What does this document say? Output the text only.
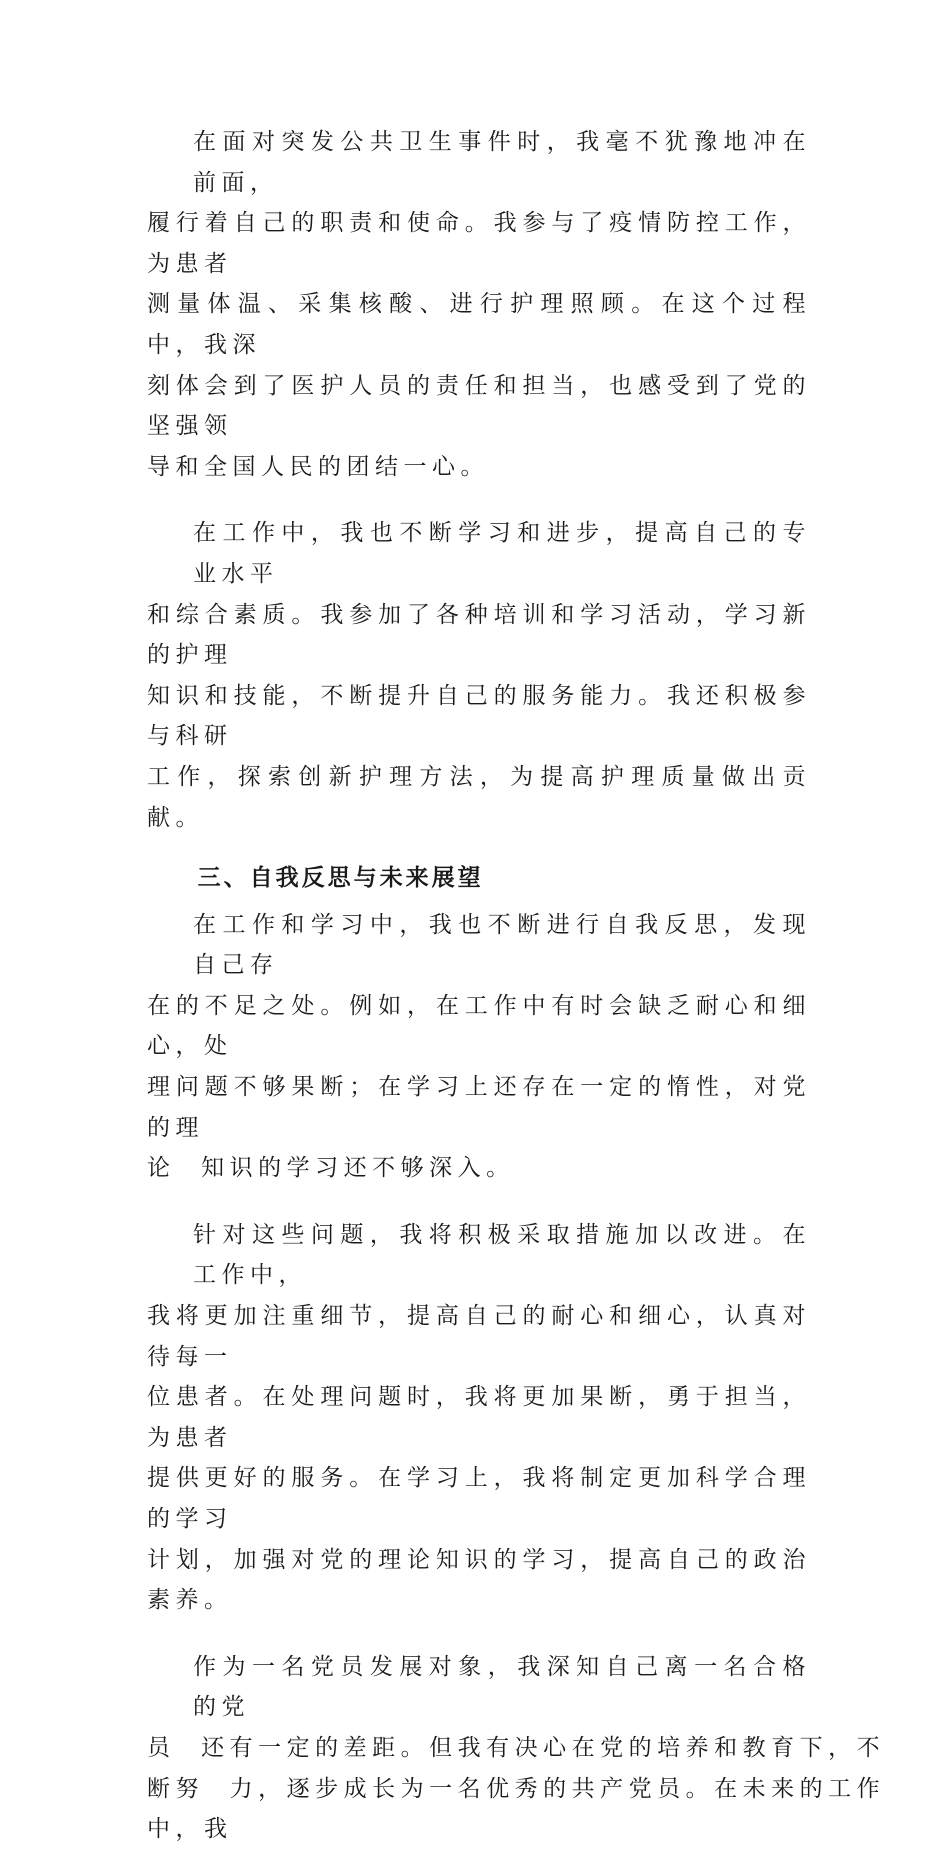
在面对突发公共卫生事件时，我毫不犹豫地冲在前面，
履行着自己的职责和使命。我参与了疫情防控工作，为患者
测量体温、采集核酸、进行护理照顾。在这个过程中，我深
刻体会到了医护人员的责任和担当，也感受到了党的坚强领
导和全国人民的团结一心。

在工作中，我也不断学习和进步，提高自己的专业水平
和综合素质。我参加了各种培训和学习活动，学习新的护理
知识和技能，不断提升自己的服务能力。我还积极参与科研
工作，探索创新护理方法，为提高护理质量做出贡献。

三、自我反思与未来展望

在工作和学习中，我也不断进行自我反思，发现自己存
在的不足之处。例如，在工作中有时会缺乏耐心和细心，处
理问题不够果断；在学习上还存在一定的惰性，对党的理
论  知识的学习还不够深入。

针对这些问题，我将积极采取措施加以改进。在工作中，
我将更加注重细节，提高自己的耐心和细心，认真对待每一
位患者。在处理问题时，我将更加果断，勇于担当，为患者
提供更好的服务。在学习上，我将制定更加科学合理的学习
计划，加强对党的理论知识的学习，提高自己的政治素养。

作为一名党员发展对象，我深知自己离一名合格的党
员  还有一定的差距。但我有决心在党的培养和教育下，不
断努  力，逐步成长为一名优秀的共产党员。在未来的工作
中，我
